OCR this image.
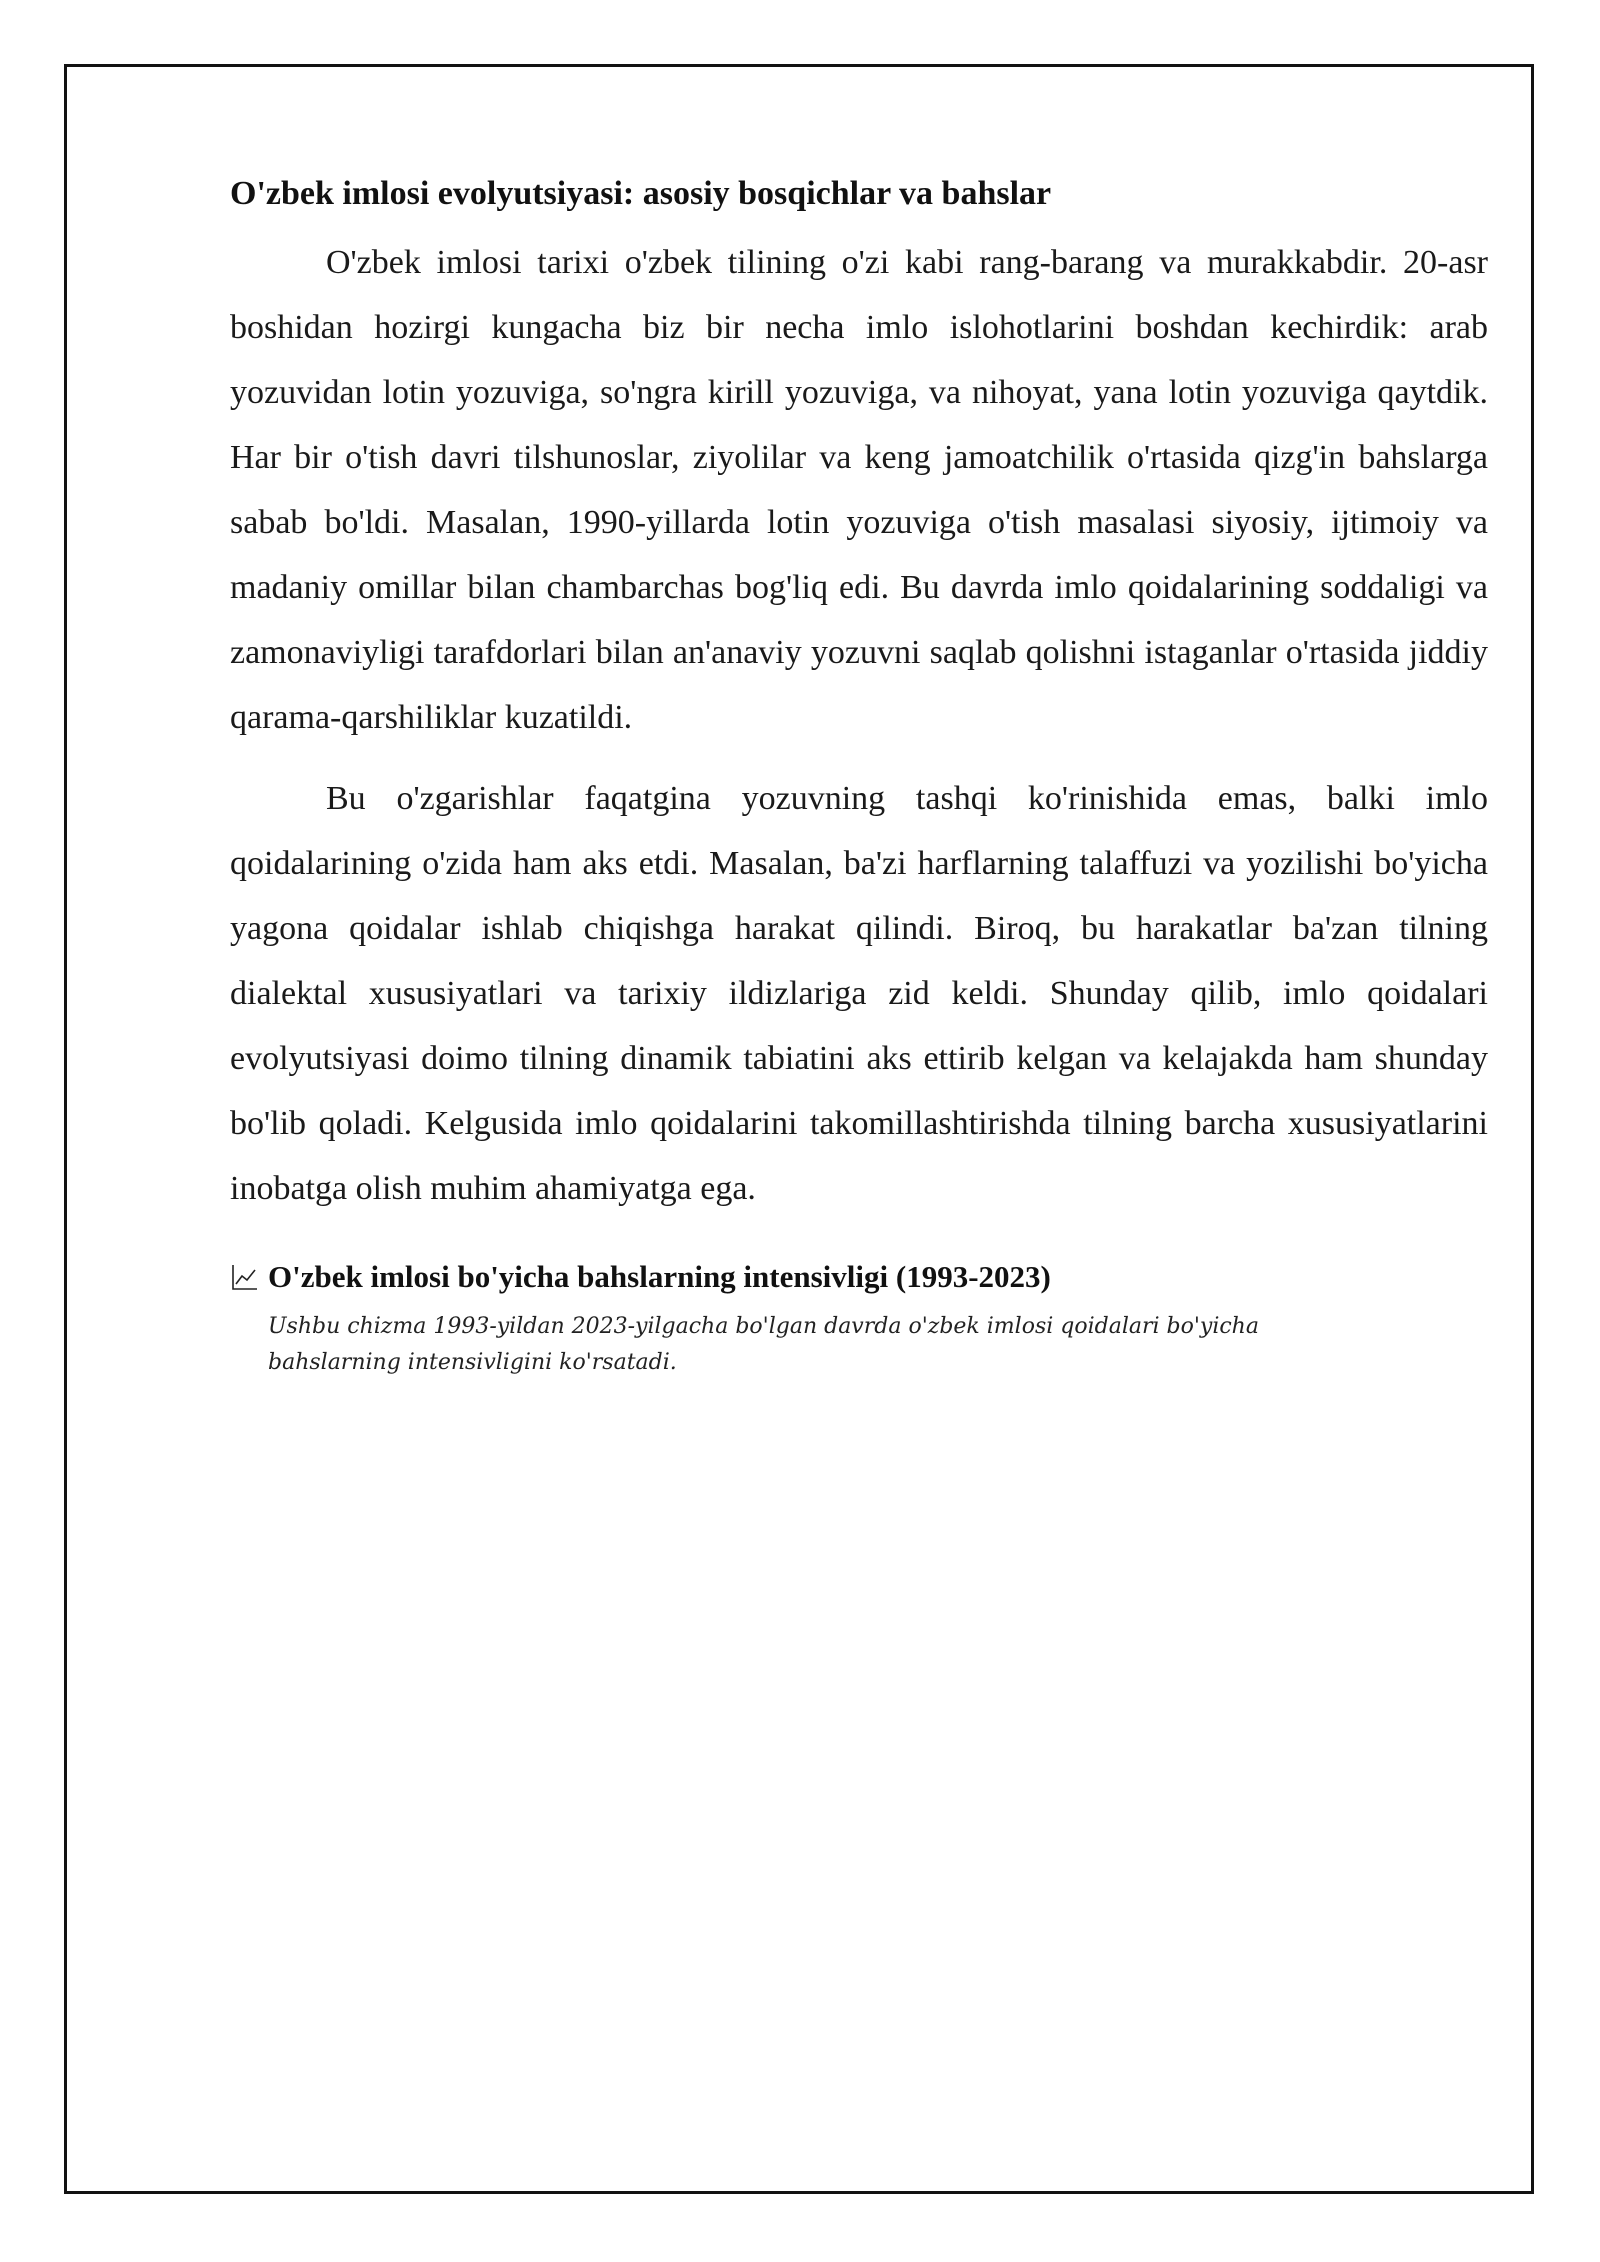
O'zbek imlosi evolyutsiyasi: asosiy bosqichlar va bahslar

O'zbek imlosi tarixi o'zbek tilining o'zi kabi rang-barang va murakkabdir. 20-asr boshidan hozirgi kungacha biz bir necha imlo islohotlarini boshdan kechirdik: arab yozuvidan lotin yozuviga, so'ngra kirill yozuviga, va nihoyat, yana lotin yozuviga qaytdik. Har bir o'tish davri tilshunoslar, ziyolilar va keng jamoatchilik o'rtasida qizg'in bahslarga sabab bo'ldi. Masalan, 1990-yillarda lotin yozuviga o'tish masalasi siyosiy, ijtimoiy va madaniy omillar bilan chambarchas bog'liq edi. Bu davrda imlo qoidalarining soddaligi va zamonaviyligi tarafdorlari bilan an'anaviy yozuvni saqlab qolishni istaganlar o'rtasida jiddiy qarama-qarshiliklar kuzatildi.

Bu o'zgarishlar faqatgina yozuvning tashqi ko'rinishida emas, balki imlo qoidalarining o'zida ham aks etdi. Masalan, ba'zi harflarning talaffuzi va yozilishi bo'yicha yagona qoidalar ishlab chiqishga harakat qilindi. Biroq, bu harakatlar ba'zan tilning dialektal xususiyatlari va tarixiy ildizlariga zid keldi. Shunday qilib, imlo qoidalari evolyutsiyasi doimo tilning dinamik tabiatini aks ettirib kelgan va kelajakda ham shunday bo'lib qoladi. Kelgusida imlo qoidalarini takomillashtirishda tilning barcha xususiyatlarini inobatga olish muhim ahamiyatga ega.

O'zbek imlosi bo'yicha bahslarning intensivligi (1993-2023)
Ushbu chizma 1993-yildan 2023-yilgacha bo'lgan davrda o'zbek imlosi qoidalari bo'yicha bahslarning intensivligini ko'rsatadi.
